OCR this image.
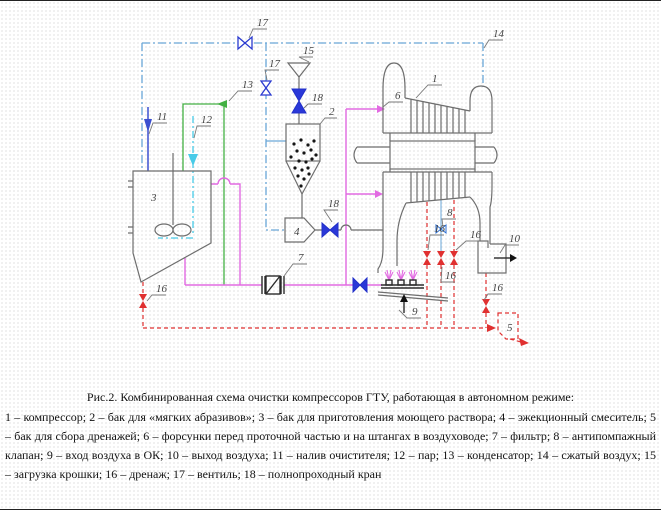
17
14
15
17
18
2
13
11	12
3
1
6
18
4
7
16
8
16 16
16
16
10
9
5
Рис.2. Комбинированная схема очистки компрессоров ГТУ, работающая в автономном режиме:
1 – компрессор; 2 – бак для «мягких абразивов»; 3 – бак для приготовления моющего раствора; 4 – эжекционный смеситель; 5 – бак для сбора дренажей; 6 – форсунки перед проточной частью и на штангах в воздуховоде; 7 – фильтр; 8 – антипомпажный клапан; 9 – вход воздуха в ОК; 10 – выход воздуха; 11 – налив очистителя; 12 – пар; 13 – конденсатор; 14 – сжатый воздух; 15 – загрузка крошки; 16 – дренаж; 17 – вентиль; 18 – полнопроходный кран
